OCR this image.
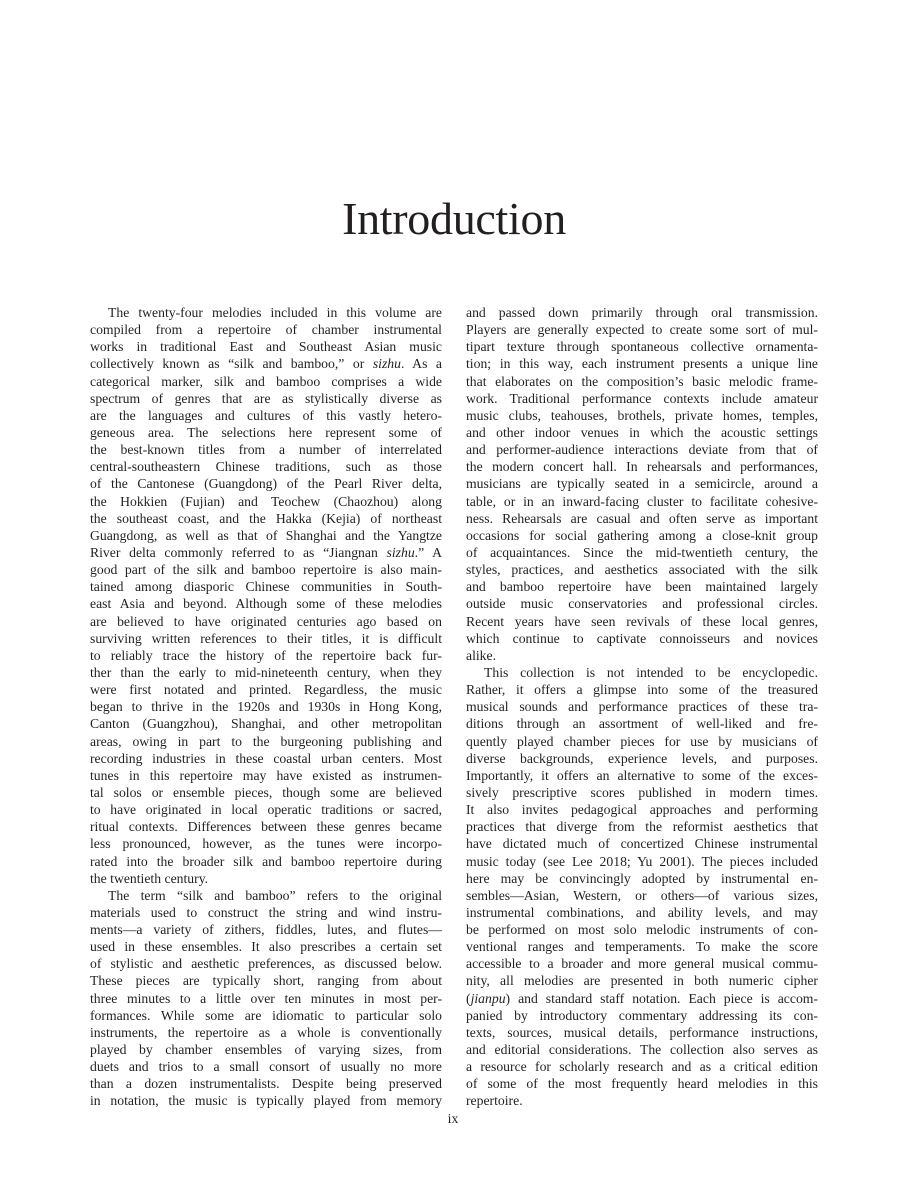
Introduction
The twenty-four melodies included in this volume are
compiled from a repertoire of chamber instrumental
works in traditional East and Southeast Asian music
collectively known as “silk and bamboo,” or sizhu. As a
categorical marker, silk and bamboo comprises a wide
spectrum of genres that are as stylistically diverse as
are the languages and cultures of this vastly hetero-
geneous area. The selections here represent some of
the best-known titles from a number of interrelated
central-southeastern Chinese traditions, such as those
of the Cantonese (Guangdong) of the Pearl River delta,
the Hokkien (Fujian) and Teochew (Chaozhou) along
the southeast coast, and the Hakka (Kejia) of northeast
Guangdong, as well as that of Shanghai and the Yangtze
River delta commonly referred to as “Jiangnan sizhu.” A
good part of the silk and bamboo repertoire is also main-
tained among diasporic Chinese communities in South-
east Asia and beyond. Although some of these melodies
are believed to have originated centuries ago based on
surviving written references to their titles, it is difficult
to reliably trace the history of the repertoire back fur-
ther than the early to mid-nineteenth century, when they
were first notated and printed. Regardless, the music
began to thrive in the 1920s and 1930s in Hong Kong,
Canton (Guangzhou), Shanghai, and other metropolitan
areas, owing in part to the burgeoning publishing and
recording industries in these coastal urban centers. Most
tunes in this repertoire may have existed as instrumen-
tal solos or ensemble pieces, though some are believed
to have originated in local operatic traditions or sacred,
ritual contexts. Differences between these genres became
less pronounced, however, as the tunes were incorpo-
rated into the broader silk and bamboo repertoire during
the twentieth century.
The term “silk and bamboo” refers to the original
materials used to construct the string and wind instru-
ments—a variety of zithers, fiddles, lutes, and flutes—
used in these ensembles. It also prescribes a certain set
of stylistic and aesthetic preferences, as discussed below.
These pieces are typically short, ranging from about
three minutes to a little over ten minutes in most per-
formances. While some are idiomatic to particular solo
instruments, the repertoire as a whole is conventionally
played by chamber ensembles of varying sizes, from
duets and trios to a small consort of usually no more
than a dozen instrumentalists. Despite being preserved
in notation, the music is typically played from memory
and passed down primarily through oral transmission.
Players are generally expected to create some sort of mul-
tipart texture through spontaneous collective ornamenta-
tion; in this way, each instrument presents a unique line
that elaborates on the composition’s basic melodic frame-
work. Traditional performance contexts include amateur
music clubs, teahouses, brothels, private homes, temples,
and other indoor venues in which the acoustic settings
and performer-audience interactions deviate from that of
the modern concert hall. In rehearsals and performances,
musicians are typically seated in a semicircle, around a
table, or in an inward-facing cluster to facilitate cohesive-
ness. Rehearsals are casual and often serve as important
occasions for social gathering among a close-knit group
of acquaintances. Since the mid-twentieth century, the
styles, practices, and aesthetics associated with the silk
and bamboo repertoire have been maintained largely
outside music conservatories and professional circles.
Recent years have seen revivals of these local genres,
which continue to captivate connoisseurs and novices
alike.
This collection is not intended to be encyclopedic.
Rather, it offers a glimpse into some of the treasured
musical sounds and performance practices of these tra-
ditions through an assortment of well-liked and fre-
quently played chamber pieces for use by musicians of
diverse backgrounds, experience levels, and purposes.
Importantly, it offers an alternative to some of the exces-
sively prescriptive scores published in modern times.
It also invites pedagogical approaches and performing
practices that diverge from the reformist aesthetics that
have dictated much of concertized Chinese instrumental
music today (see Lee 2018; Yu 2001). The pieces included
here may be convincingly adopted by instrumental en-
sembles—Asian, Western, or others—of various sizes,
instrumental combinations, and ability levels, and may
be performed on most solo melodic instruments of con-
ventional ranges and temperaments. To make the score
accessible to a broader and more general musical commu-
nity, all melodies are presented in both numeric cipher
(jianpu) and standard staff notation. Each piece is accom-
panied by introductory commentary addressing its con-
texts, sources, musical details, performance instructions,
and editorial considerations. The collection also serves as
a resource for scholarly research and as a critical edition
of some of the most frequently heard melodies in this
repertoire.
ix
